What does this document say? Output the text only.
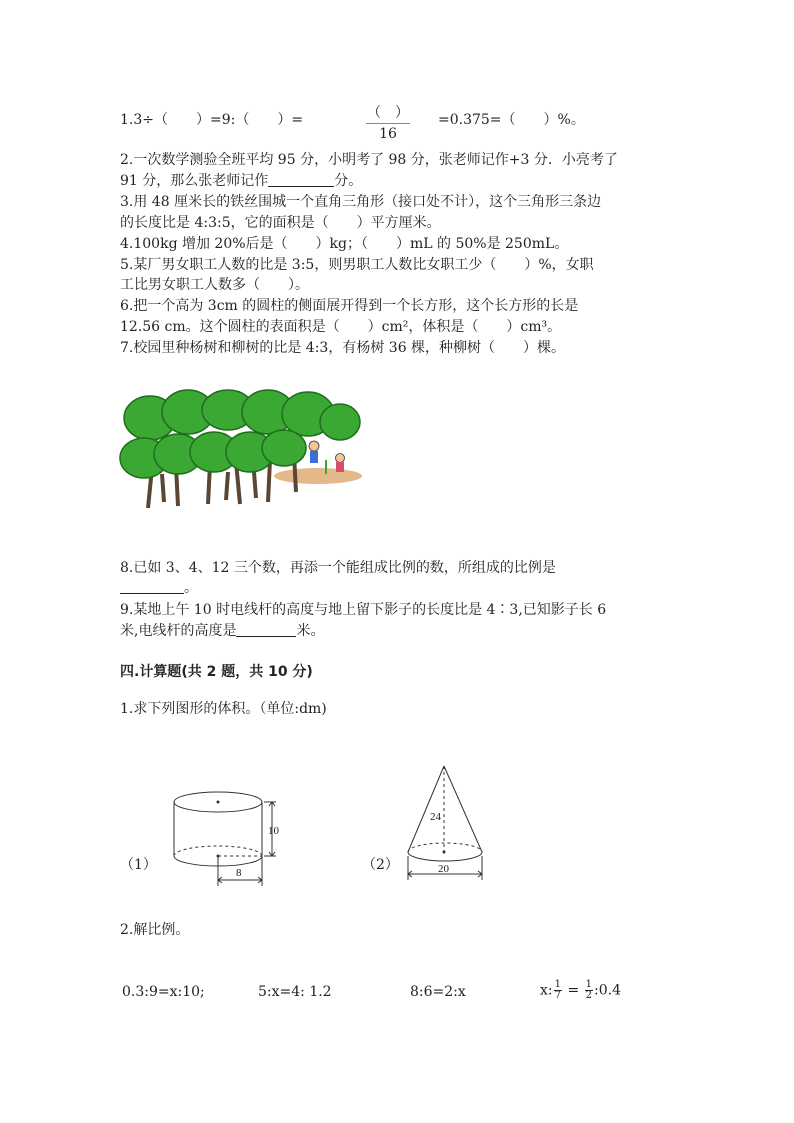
1.3÷（　　）=9:（　　）=	（　）
16
=0.375=（　　）%。
2.一次数学测验全班平均 95 分，小明考了 98 分，张老师记作+3 分．小亮考了
91 分，那么张老师记作	分。
3.用 48 厘米长的铁丝围城一个直角三角形（接口处不计），这个三角形三条边
的长度比是 4:3:5，它的面积是（　　）平方厘米。
4.100kg 增加 20%后是（　　）kg；（　　）mL 的 50%是 250mL。
5.某厂男女职工人数的比是 3:5，则男职工人数比女职工少（　　）%，女职
工比男女职工人数多（　　）。
6.把一个高为 3cm 的圆柱的侧面展开得到一个长方形，这个长方形的长是
12.56 cm。这个圆柱的表面积是（　　）cm²，体积是（　　）cm³。
7.校园里种杨树和柳树的比是 4:3，有杨树 36 棵，种柳树（　　）棵。
8.已如 3、4、12 三个数，再添一个能组成比例的数，所组成的比例是
。
9.某地上午 10 时电线杆的高度与地上留下影子的长度比是 4∶3,已知影子长 6
米,电线杆的高度是	米。
四.计算题(共 2 题，共 10 分)
1.求下列图形的体积。（单位:dm)
（1）
10
8	（2）
24
20
2.解比例。
0.3:9=x:10;	5:x=4: 1.2	8:6=2:x	x: $\frac{1}{7} = \frac{1}{2}$ :0.4
